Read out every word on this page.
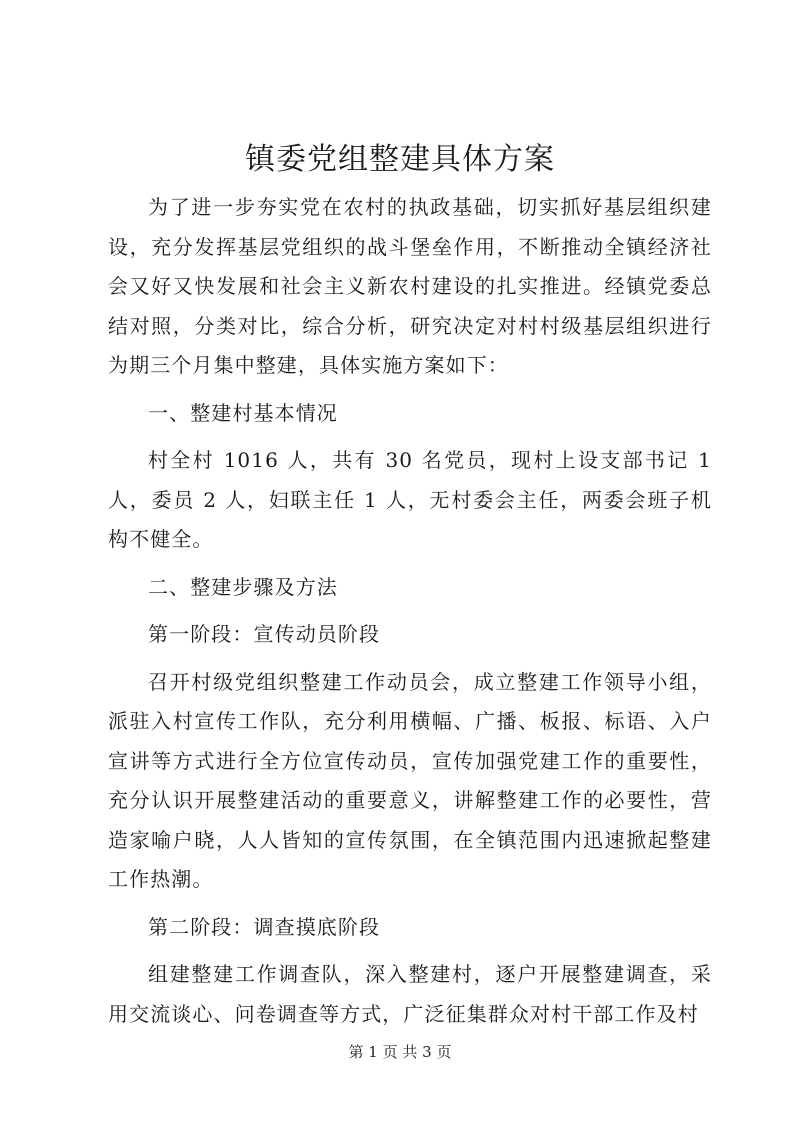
镇委党组整建具体方案

为了进一步夯实党在农村的执政基础，切实抓好基层组织建设，充分发挥基层党组织的战斗堡垒作用，不断推动全镇经济社会又好又快发展和社会主义新农村建设的扎实推进。经镇党委总结对照，分类对比，综合分析，研究决定对村村级基层组织进行为期三个月集中整建，具体实施方案如下：

一、整建村基本情况

村全村 1016 人，共有 30 名党员，现村上设支部书记 1 人，委员 2 人，妇联主任 1 人，无村委会主任，两委会班子机构不健全。

二、整建步骤及方法

第一阶段：宣传动员阶段

召开村级党组织整建工作动员会，成立整建工作领导小组，派驻入村宣传工作队，充分利用横幅、广播、板报、标语、入户宣讲等方式进行全方位宣传动员，宣传加强党建工作的重要性，充分认识开展整建活动的重要意义，讲解整建工作的必要性，营造家喻户晓，人人皆知的宣传氛围，在全镇范围内迅速掀起整建工作热潮。

第二阶段：调查摸底阶段

组建整建工作调查队，深入整建村，逐户开展整建调查，采用交流谈心、问卷调查等方式，广泛征集群众对村干部工作及村

第 1 页 共 3 页
